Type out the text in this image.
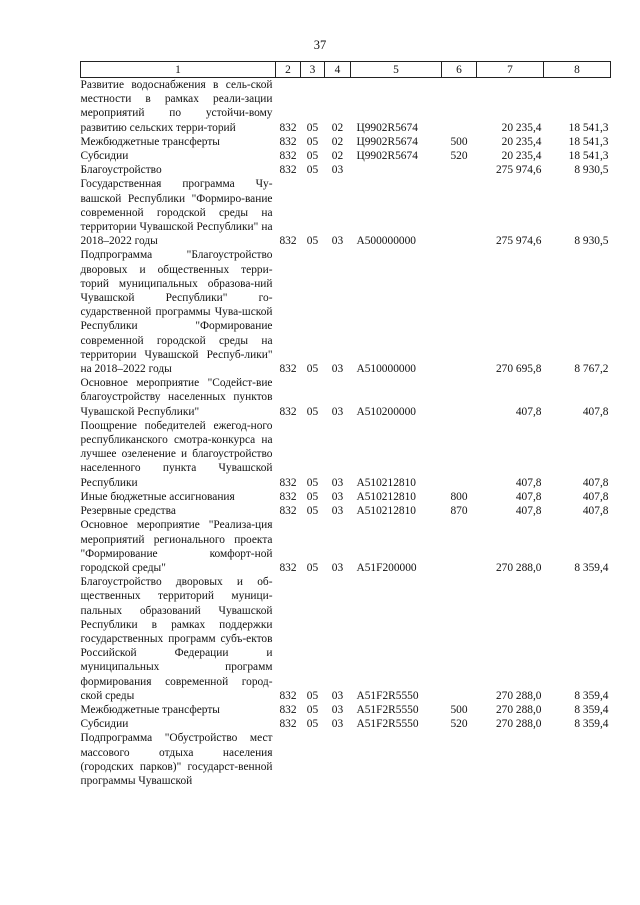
37
1	2	3	4	5	6	7	8
Развитие водоснабжения в сель-ской местности в рамках реали-зации мероприятий по устойчи-вому развитию сельских терри-торий	832	05	02	Ц9902R5674		20 235,4	18 541,3
Межбюджетные трансферты	832	05	02	Ц9902R5674	500	20 235,4	18 541,3
Субсидии	832	05	02	Ц9902R5674	520	20 235,4	18 541,3
Благоустройство	832	05	03			275 974,6	8 930,5
Государственная программа Чу-вашской Республики "Формиро-вание современной городской среды на территории Чувашской Республики" на 2018–2022 годы	832	05	03	А500000000		275 974,6	8 930,5
Подпрограмма "Благоустройство дворовых и общественных терри-торий муниципальных образова-ний Чувашской Республики" го-сударственной программы Чува-шской Республики "Формирование современной городской среды на территории Чувашской Респуб-лики" на 2018–2022 годы	832	05	03	А510000000		270 695,8	8 767,2
Основное мероприятие "Содейст-вие благоустройству населенных пунктов Чувашской Республики"	832	05	03	А510200000		407,8	407,8
Поощрение победителей ежегод-ного республиканского смотра-конкурса на лучшее озеленение и благоустройство населенного пункта Чувашской Республики	832	05	03	А510212810		407,8	407,8
Иные бюджетные ассигнования	832	05	03	А510212810	800	407,8	407,8
Резервные средства	832	05	03	А510212810	870	407,8	407,8
Основное мероприятие "Реализа-ция мероприятий регионального проекта "Формирование комфорт-ной городской среды"	832	05	03	А51F200000		270 288,0	8 359,4
Благоустройство дворовых и об-щественных территорий муници-пальных образований Чувашской Республики в рамках поддержки государственных программ субъ-ектов Российской Федерации и муниципальных программ формирования современной город-ской среды	832	05	03	А51F2R5550		270 288,0	8 359,4
Межбюджетные трансферты	832	05	03	А51F2R5550	500	270 288,0	8 359,4
Субсидии	832	05	03	А51F2R5550	520	270 288,0	8 359,4
Подпрограмма "Обустройство мест массового отдыха населения (городских парков)" государст-венной программы Чувашской							
